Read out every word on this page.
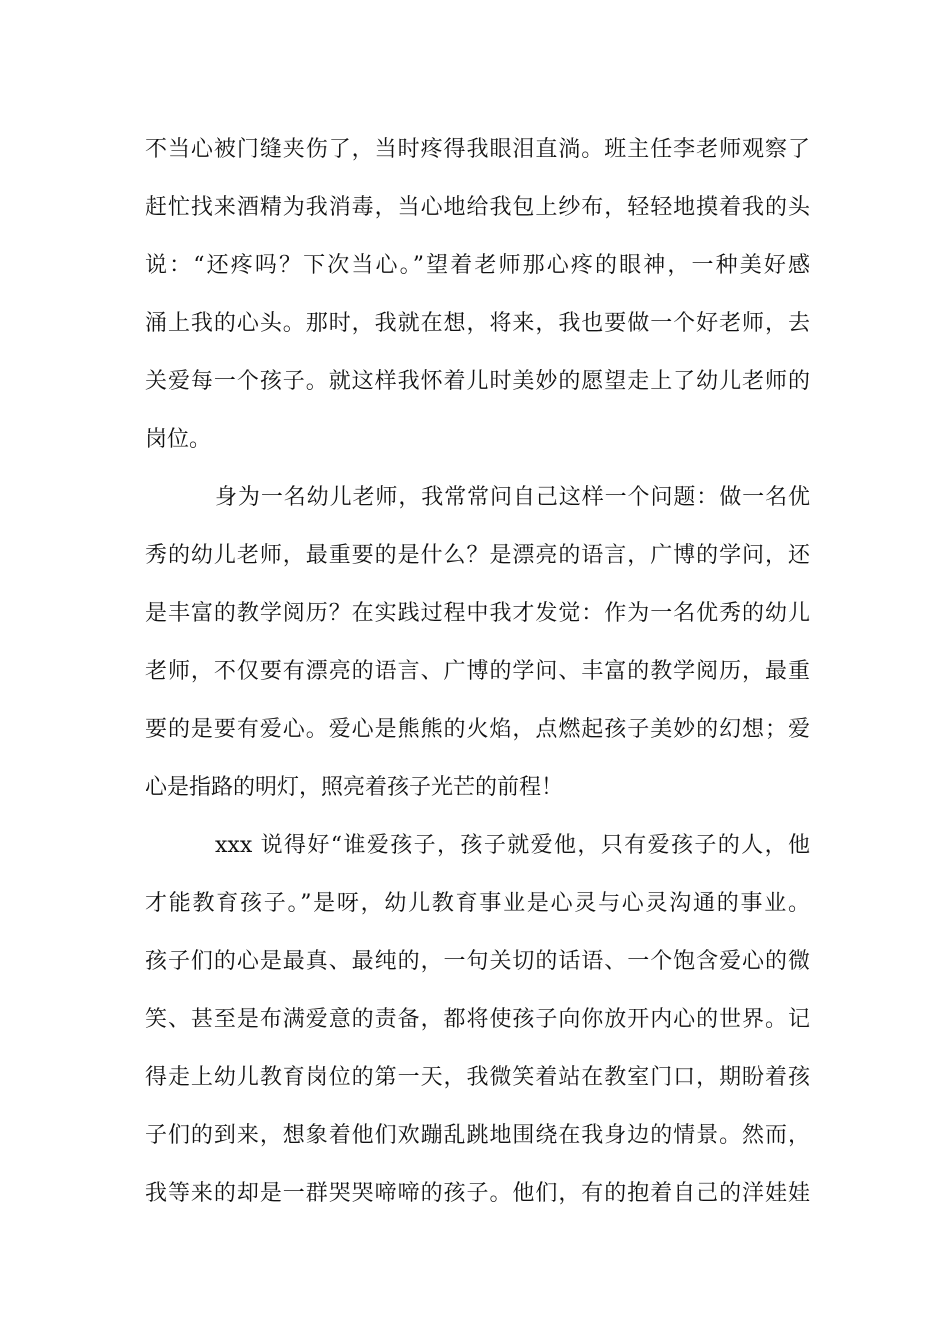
不当心被门缝夹伤了，当时疼得我眼泪直淌。班主任李老师观察了
赶忙找来酒精为我消毒，当心地给我包上纱布，轻轻地摸着我的头
说：“还疼吗？下次当心。”望着老师那心疼的眼神，一种美好感
涌上我的心头。那时，我就在想，将来，我也要做一个好老师，去
关爱每一个孩子。就这样我怀着儿时美妙的愿望走上了幼儿老师的
岗位。
身为一名幼儿老师，我常常问自己这样一个问题：做一名优
秀的幼儿老师，最重要的是什么？是漂亮的语言，广博的学问，还
是丰富的教学阅历？在实践过程中我才发觉：作为一名优秀的幼儿
老师，不仅要有漂亮的语言、广博的学问、丰富的教学阅历，最重
要的是要有爱心。爱心是熊熊的火焰，点燃起孩子美妙的幻想；爱
心是指路的明灯，照亮着孩子光芒的前程！
xxx 说得好“谁爱孩子，孩子就爱他，只有爱孩子的人，他
才能教育孩子。”是呀，幼儿教育事业是心灵与心灵沟通的事业。
孩子们的心是最真、最纯的，一句关切的话语、一个饱含爱心的微
笑、甚至是布满爱意的责备，都将使孩子向你放开内心的世界。记
得走上幼儿教育岗位的第一天，我微笑着站在教室门口，期盼着孩
子们的到来，想象着他们欢蹦乱跳地围绕在我身边的情景。然而，
我等来的却是一群哭哭啼啼的孩子。他们，有的抱着自己的洋娃娃
